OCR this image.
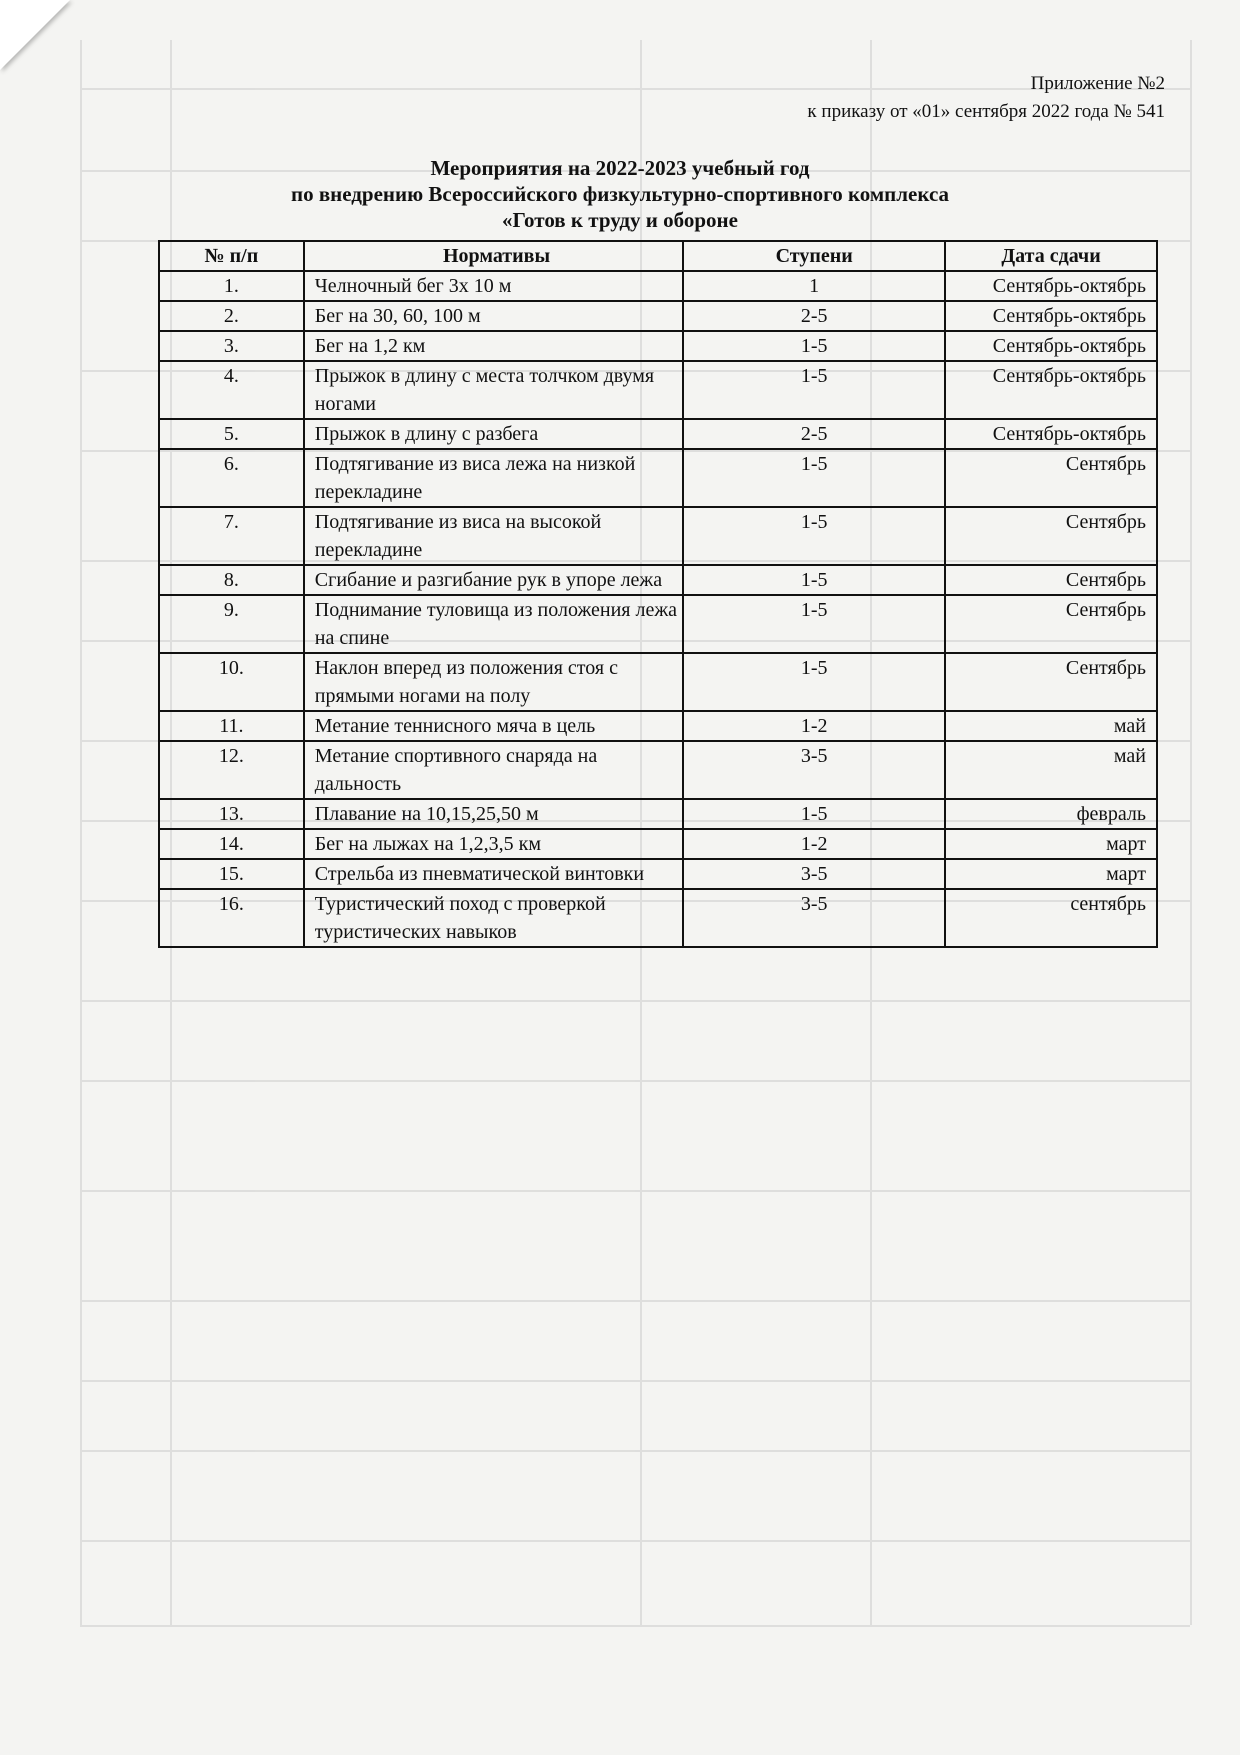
Приложение №2
к приказу от «01» сентября 2022 года № 541
Мероприятия на 2022-2023 учебный год
по внедрению Всероссийского физкультурно-спортивного комплекса
«Готов к труду и обороне
№ п/п	Нормативы	Ступени	Дата сдачи
1.	Челночный бег 3х 10 м	1	Сентябрь-октябрь
2.	Бег на 30, 60, 100 м	2-5	Сентябрь-октябрь
3.	Бег на 1,2 км	1-5	Сентябрь-октябрь
4.	Прыжок в длину с места толчком двумя ногами	1-5	Сентябрь-октябрь
5.	Прыжок в длину с разбега	2-5	Сентябрь-октябрь
6.	Подтягивание из виса лежа на низкой перекладине	1-5	Сентябрь
7.	Подтягивание из виса на высокой перекладине	1-5	Сентябрь
8.	Сгибание и разгибание рук в упоре лежа	1-5	Сентябрь
9.	Поднимание туловища из положения лежа на спине	1-5	Сентябрь
10.	Наклон вперед из положения стоя с прямыми ногами на полу	1-5	Сентябрь
11.	Метание теннисного мяча в цель	1-2	май
12.	Метание спортивного снаряда на дальность	3-5	май
13.	Плавание на 10,15,25,50 м	1-5	февраль
14.	Бег на лыжах на 1,2,3,5 км	1-2	март
15.	Стрельба из пневматической винтовки	3-5	март
16.	Туристический поход с проверкой туристических навыков	3-5	сентябрь
